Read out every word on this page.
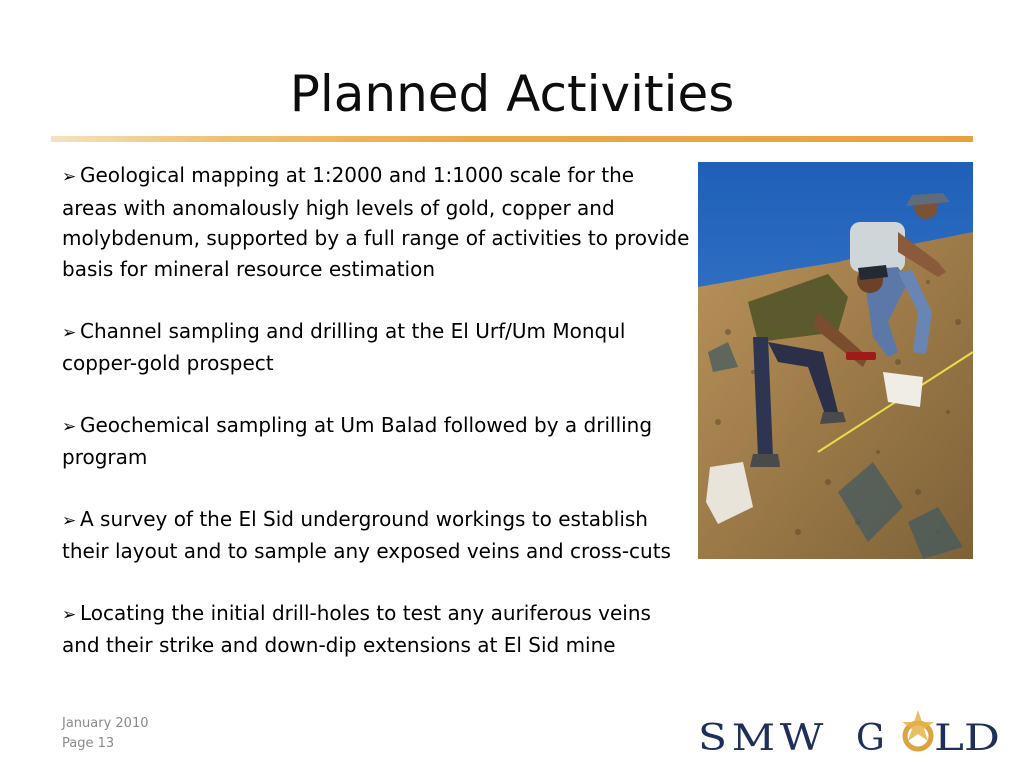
Planned Activities
➢ Geological mapping at 1:2000 and 1:1000 scale for the areas with anomalously high levels of gold, copper and molybdenum, supported by a full range of activities to provide basis for mineral resource estimation
➢ Channel sampling and drilling at the El Urf/Um Monqul copper-gold prospect
➢ Geochemical sampling at Um Balad followed by a drilling program
➢ A survey of the El Sid underground workings to establish their layout and to sample any exposed veins and cross-cuts
➢ Locating the initial drill-holes to test any auriferous veins and their strike and down-dip extensions at El Sid mine
January 2010
Page 13	SMW G LD
